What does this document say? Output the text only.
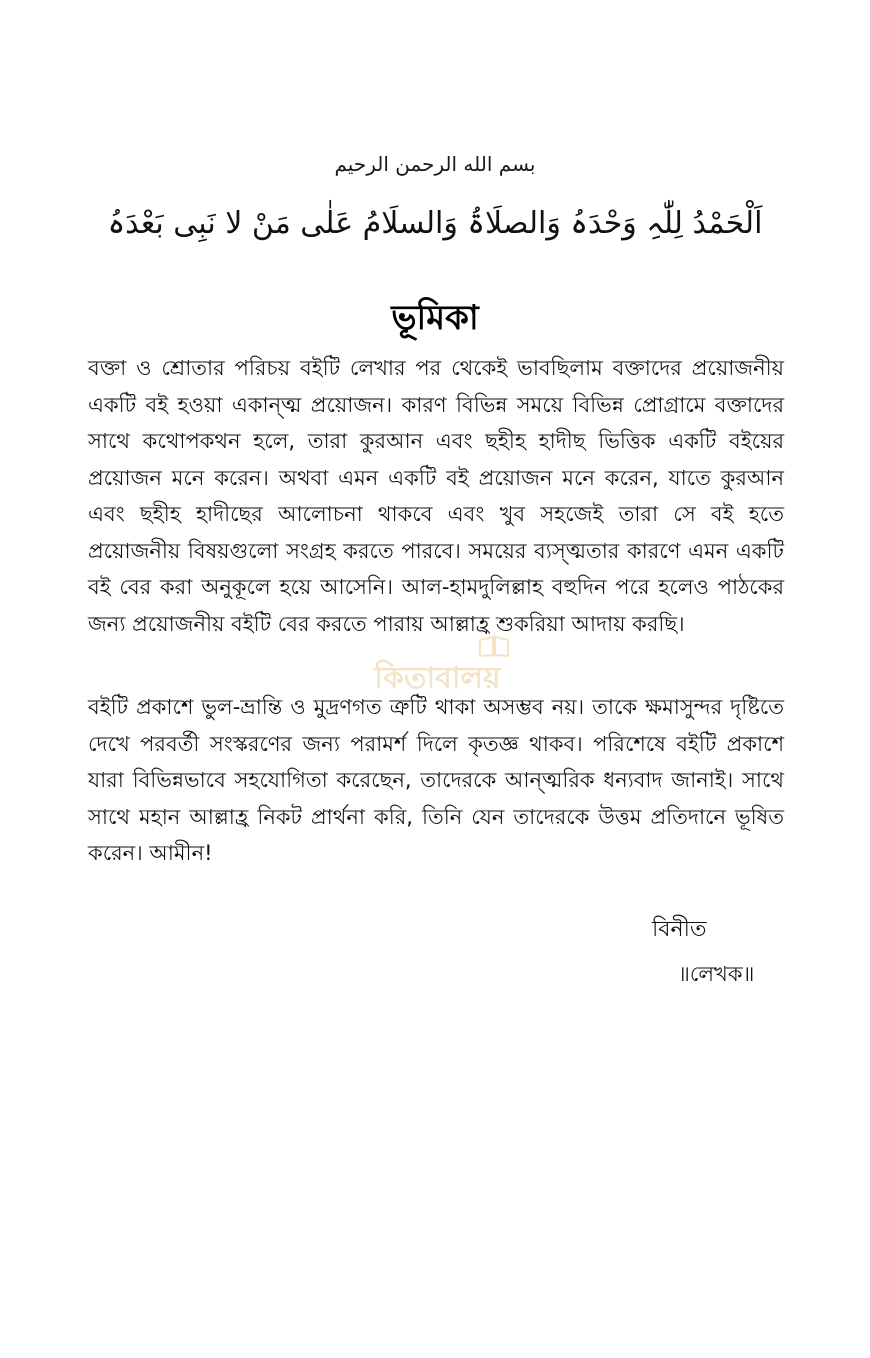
بسم الله الرحمن الرحيم
اَلْحَمْدُ لِلّٰہِ وَحْدَہُ وَالصلَاۃُ وَالسلَامُ عَلٰی مَنْ لا نَبِی بَعْدَہُ
ভূমিকা

বক্তা ও শ্রোতার পরিচয় বইটি লেখার পর থেকেই ভাবছিলাম বক্তাদের প্রয়োজনীয় একটি বই হওয়া একান্ত্ম প্রয়োজন। কারণ বিভিন্ন সময়ে বিভিন্ন প্রোগ্রামে বক্তাদের সাথে কথোপকথন হলে, তারা কুরআন এবং ছহীহ হাদীছ ভিত্তিক একটি বইয়ের প্রয়োজন মনে করেন। অথবা এমন একটি বই প্রয়োজন মনে করেন, যাতে কুরআন এবং ছহীহ হাদীছের আলোচনা থাকবে এবং খুব সহজেই তারা সে বই হতে প্রয়োজনীয় বিষয়গুলো সংগ্রহ করতে পারবে। সময়ের ব্যস্ত্মতার কারণে এমন একটি বই বের করা অনুকূলে হয়ে আসেনি। আল-হামদুলিল্লাহ বহুদিন পরে হলেও পাঠকের জন্য প্রয়োজনীয় বইটি বের করতে পারায় আল্লাহ্র শুকরিয়া আদায় করছি।

বইটি প্রকাশে ভুল-ভ্রান্তি ও মুদ্রণগত ত্রুটি থাকা অসম্ভব নয়। তাকে ক্ষমাসুন্দর দৃষ্টিতে দেখে পরবর্তী সংস্করণের জন্য পরামর্শ দিলে কৃতজ্ঞ থাকব। পরিশেষে বইটি প্রকাশে যারা বিভিন্নভাবে সহযোগিতা করেছেন, তাদেরকে আন্ত্মরিক ধন্যবাদ জানাই। সাথে সাথে মহান আল্লাহ্র নিকট প্রার্থনা করি, তিনি যেন তাদেরকে উত্তম প্রতিদানে ভূষিত করেন। আমীন!

বিনীত
॥লেখক॥
কিতাবালয়
